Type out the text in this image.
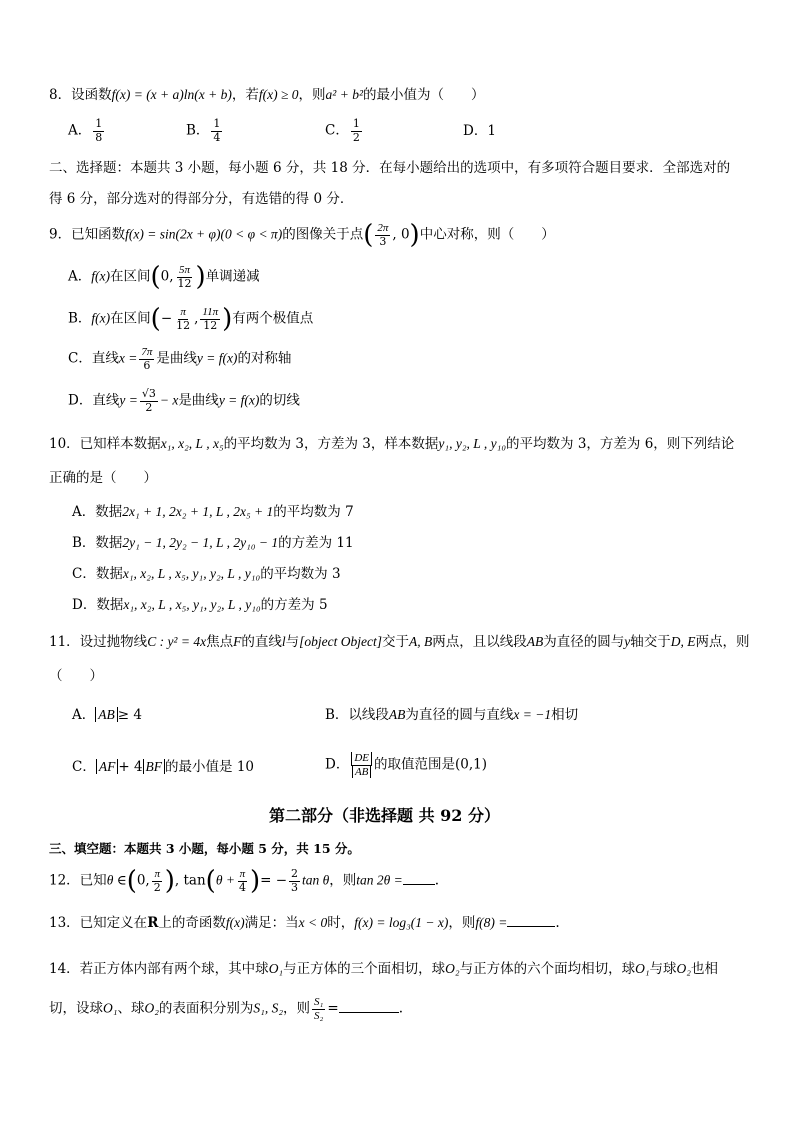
8．设函数f(x) = (x + a)ln(x + b)，若f(x) ≥ 0，则a² + b²的最小值为（　　）
A． $\frac{1}{8}$	B． $\frac{1}{4}$	C． $\frac{1}{2}$	D．1
二、选择题：本题共 3 小题，每小题 6 分，共 18 分．在每小题给出的选项中，有多项符合题目要求．全部选对的
得 6 分，部分选对的得部分分，有选错的得 0 分．
9．已知函数f(x) = sin(2x + φ)(0 < φ < π)的图像关于点( $\frac{2\pi}{3}$ , 0)中心对称，则（　　）
A．f(x)在区间(0, $\frac{5\pi}{12}$ )单调递减
B．f(x)在区间(− $\frac{\pi}{12}$ , $\frac{11\pi}{12}$ )有两个极值点
C．直线$x = \frac{7\pi}{6}$ 是曲线y = f(x)的对称轴
D．直线$y = \frac{√3}{2} - x$是曲线y = f(x)的切线
10．已知样本数据x₁, x₂, L , x₅的平均数为 3，方差为 3，样本数据y₁, y₂, L , y₁₀的平均数为 3，方差为 6，则下列结论
正确的是（　　）
A．数据2x₁ + 1, 2x₂ + 1, L , 2x₅ + 1的平均数为 7
B．数据2y₁ − 1, 2y₂ − 1, L , 2y₁₀ − 1的方差为 11
C．数据x₁, x₂, L , x₅, y₁, y₂, L , y₁₀的平均数为 3
D．数据x₁, x₂, L , x₅, y₁, y₂, L , y₁₀的方差为 5
11．设过抛物线C : y² = 4x焦点F的直线l与[object Object]交于A, B两点，且以线段AB为直径的圆与y轴交于D, E两点，则
（　　）
A． AB ≥ 4	B．以线段AB为直径的圆与直线x = −1相切
C． AF + 4 BF 的最小值是 10	D． $\frac{DE}{AB}$ 的取值范围是(0,1)
第二部分（非选择题 共 92 分）
三、填空题：本题共 3 小题，每小题 5 分，共 15 分。
12．已知θ ∈(0, $\frac{\pi}{2}$ ), $\tan(\theta + \frac{\pi}{4}$ )= − $\frac{2}{3}$ tan θ，则tan 2θ = .
13．已知定义在R上的奇函数f(x)满足：当x < 0时，f(x) = log₃(1 − x)，则f(8) =	.
14．若正方体内部有两个球，其中球O₁与正方体的三个面相切，球O₂与正方体的六个面均相切，球O₁与球O₂也相
切，设球O₁、球O₂的表面积分别为S₁, S₂，则 $\frac{\text{S₁}}{\text{S₂}}$ =	.
